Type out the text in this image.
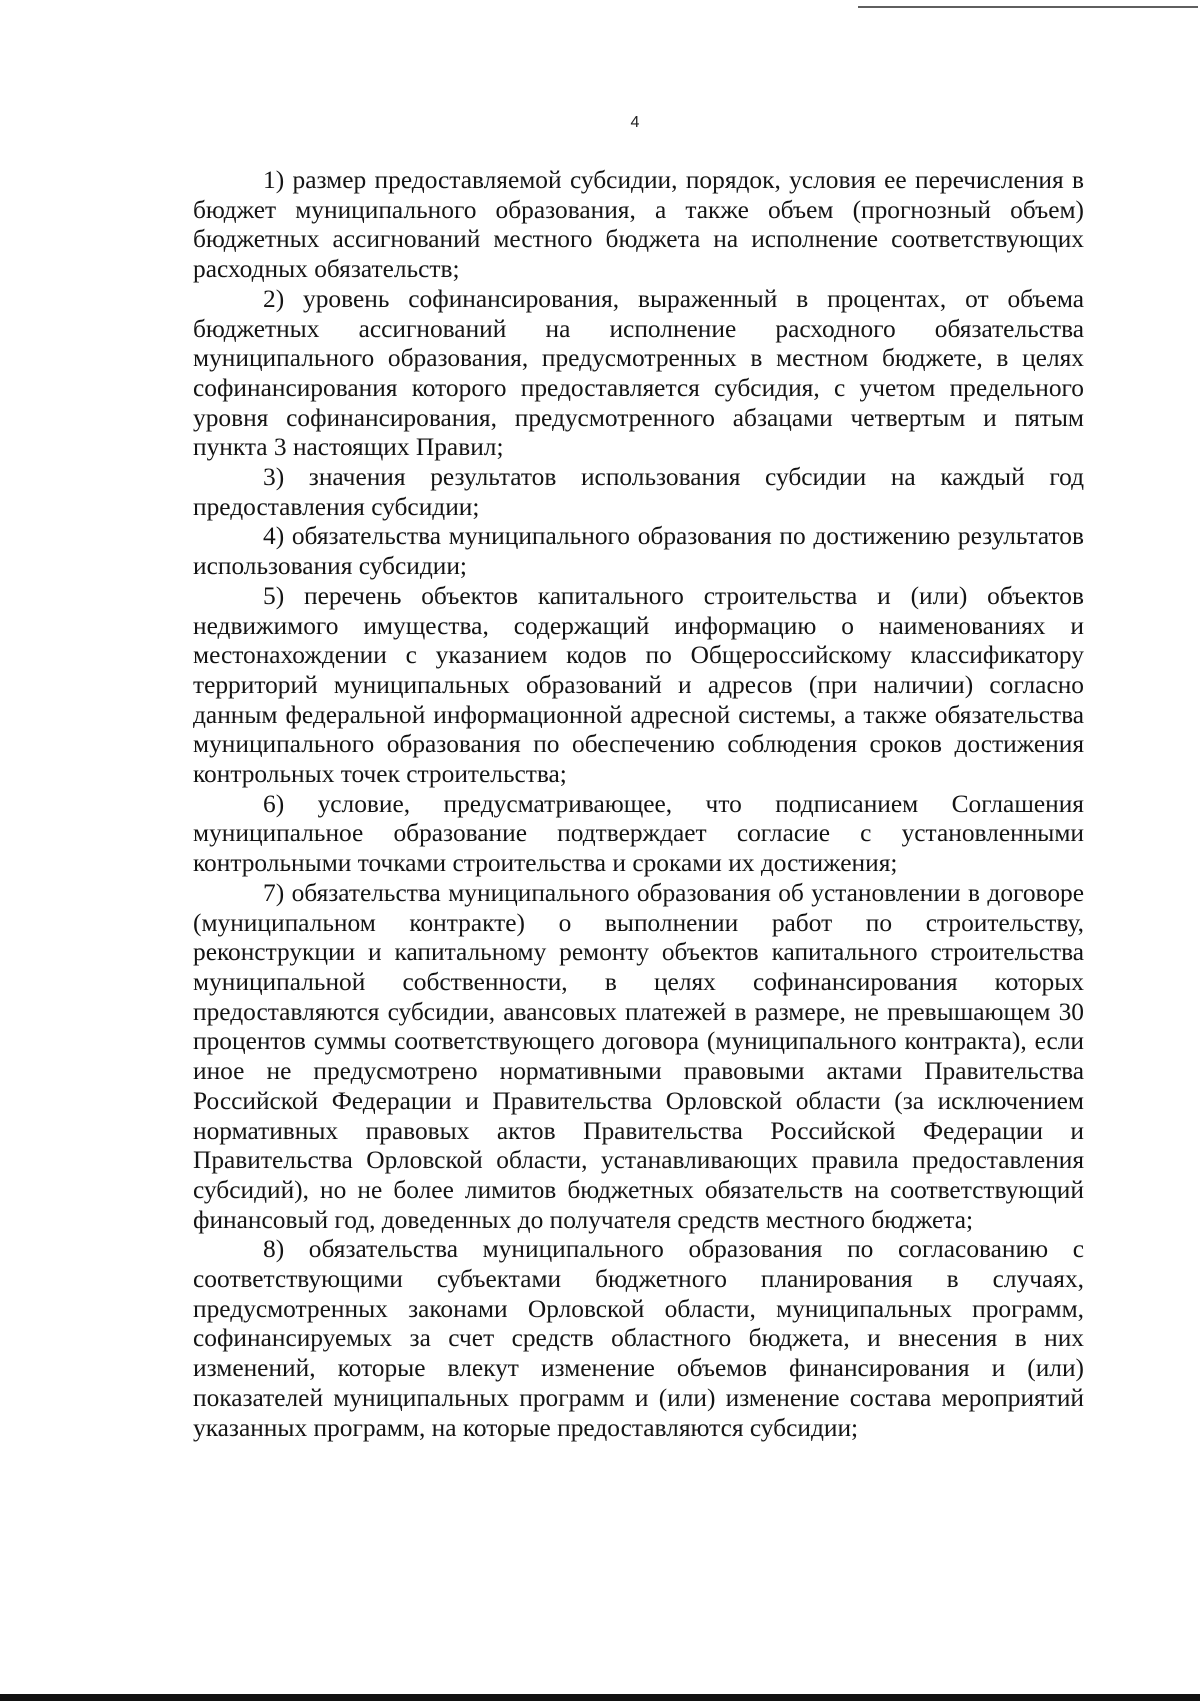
4

1) размер предоставляемой субсидии, порядок, условия ее перечисления в бюджет муниципального образования, а также объем (прогнозный объем) бюджетных ассигнований местного бюджета на исполнение соответствующих расходных обязательств;

2) уровень софинансирования, выраженный в процентах, от объема бюджетных ассигнований на исполнение расходного обязательства муниципального образования, предусмотренных в местном бюджете, в целях софинансирования которого предоставляется субсидия, с учетом предельного уровня софинансирования, предусмотренного абзацами четвертым и пятым пункта 3 настоящих Правил;

3) значения результатов использования субсидии на каждый год предоставления субсидии;

4) обязательства муниципального образования по достижению результатов использования субсидии;

5) перечень объектов капитального строительства и (или) объектов недвижимого имущества, содержащий информацию о наименованиях и местонахождении с указанием кодов по Общероссийскому классификатору территорий муниципальных образований и адресов (при наличии) согласно данным федеральной информационной адресной системы, а также обязательства муниципального образования по обеспечению соблюдения сроков достижения контрольных точек строительства;

6) условие, предусматривающее, что подписанием Соглашения муниципальное образование подтверждает согласие с установленными контрольными точками строительства и сроками их достижения;

7) обязательства муниципального образования об установлении в договоре (муниципальном контракте) о выполнении работ по строительству, реконструкции и капитальному ремонту объектов капитального строительства муниципальной собственности, в целях софинансирования которых предоставляются субсидии, авансовых платежей в размере, не превышающем 30 процентов суммы соответствующего договора (муниципального контракта), если иное не предусмотрено нормативными правовыми актами Правительства Российской Федерации и Правительства Орловской области (за исключением нормативных правовых актов Правительства Российской Федерации и Правительства Орловской области, устанавливающих правила предоставления субсидий), но не более лимитов бюджетных обязательств на соответствующий финансовый год, доведенных до получателя средств местного бюджета;

8) обязательства муниципального образования по согласованию с соответствующими субъектами бюджетного планирования в случаях, предусмотренных законами Орловской области, муниципальных программ, софинансируемых за счет средств областного бюджета, и внесения в них изменений, которые влекут изменение объемов финансирования и (или) показателей муниципальных программ и (или) изменение состава мероприятий указанных программ, на которые предоставляются субсидии;
